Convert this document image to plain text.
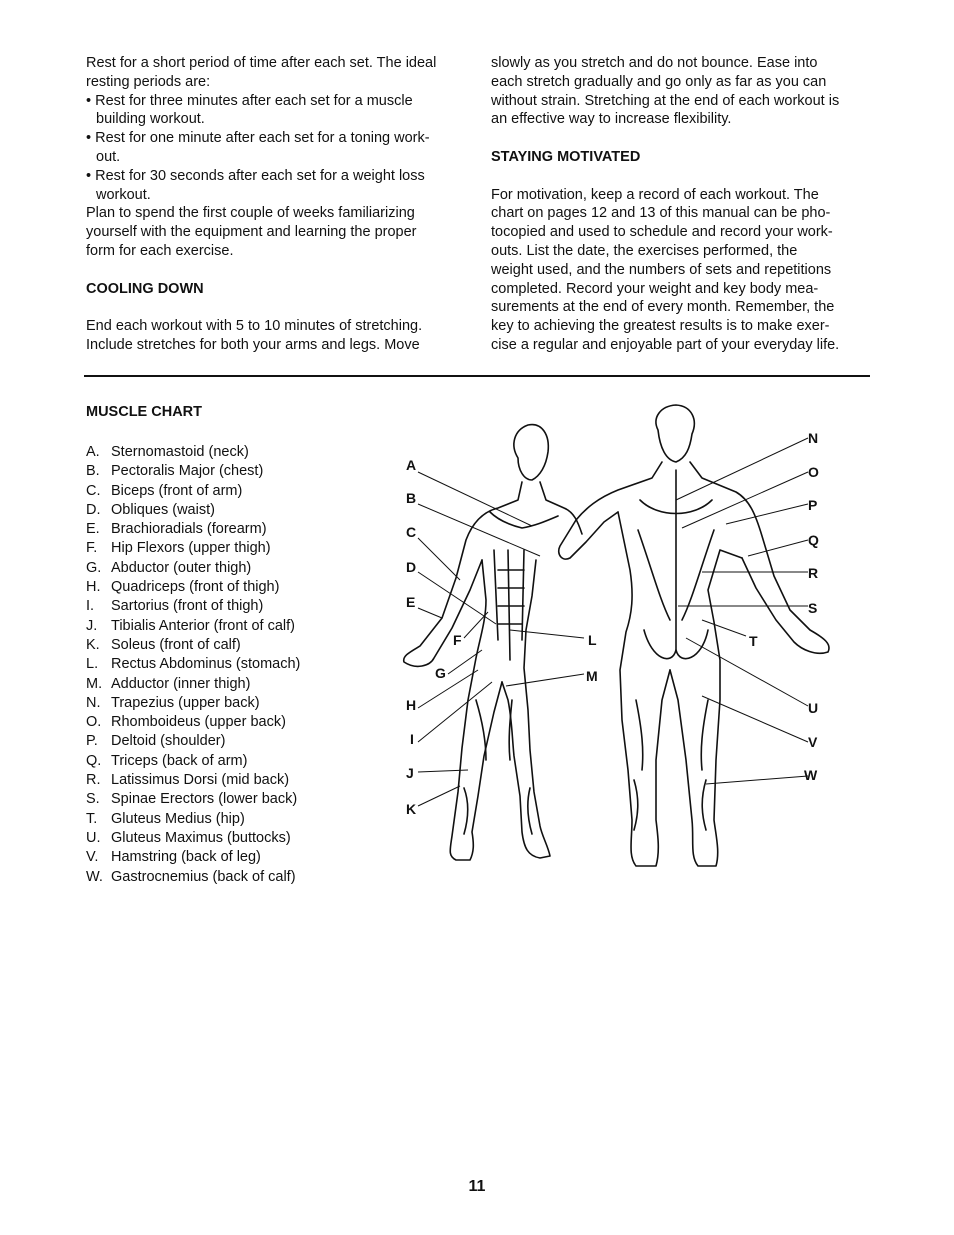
Rest for a short period of time after each set. The ideal

resting periods are:

• Rest for three minutes after each set for a muscle
building workout.
• Rest for one minute after each set for a toning work-
out.
• Rest for 30 seconds after each set for a weight loss
workout.

Plan to spend the first couple of weeks familiarizing

yourself with the equipment and learning the proper

form for each exercise.

COOLING DOWN

End each workout with 5 to 10 minutes of stretching.

Include stretches for both your arms and legs. Move

slowly as you stretch and do not bounce. Ease into

each stretch gradually and go only as far as you can

without strain. Stretching at the end of each workout is

an effective way to increase flexibility.

STAYING MOTIVATED

For motivation, keep a record of each workout. The

chart on pages 12 and 13 of this manual can be pho-

tocopied and used to schedule and record your work-

outs. List the date, the exercises performed, the

weight used, and the numbers of sets and repetitions

completed. Record your weight and key body mea-

surements at the end of every month. Remember, the

key to achieving the greatest results is to make exer-

cise a regular and enjoyable part of your everyday life.

MUSCLE CHART
A. Sternomastoid (neck)
B. Pectoralis Major (chest)
C. Biceps (front of arm)
D. Obliques (waist)
E. Brachioradials (forearm)
F. Hip Flexors (upper thigh)
G. Abductor (outer thigh)
H. Quadriceps (front of thigh)
I.	Sartorius (front of thigh)
J. Tibialis Anterior (front of calf)
K. Soleus (front of calf)
L. Rectus Abdominus (stomach)
M. Adductor (inner thigh)
N. Trapezius (upper back)
O. Rhomboideus (upper back)
P. Deltoid (shoulder)
Q. Triceps (back of arm)
R. Latissimus Dorsi (mid back)
S. Spinae Erectors (lower back)
T. Gluteus Medius (hip)
U. Gluteus Maximus (buttocks)
V. Hamstring (back of leg)
W. Gastrocnemius (back of calf)
A
B
C
D
E
F
G
H
I
J
K
L
M
N
O
P
Q
R
S
T
U
V
W
11
